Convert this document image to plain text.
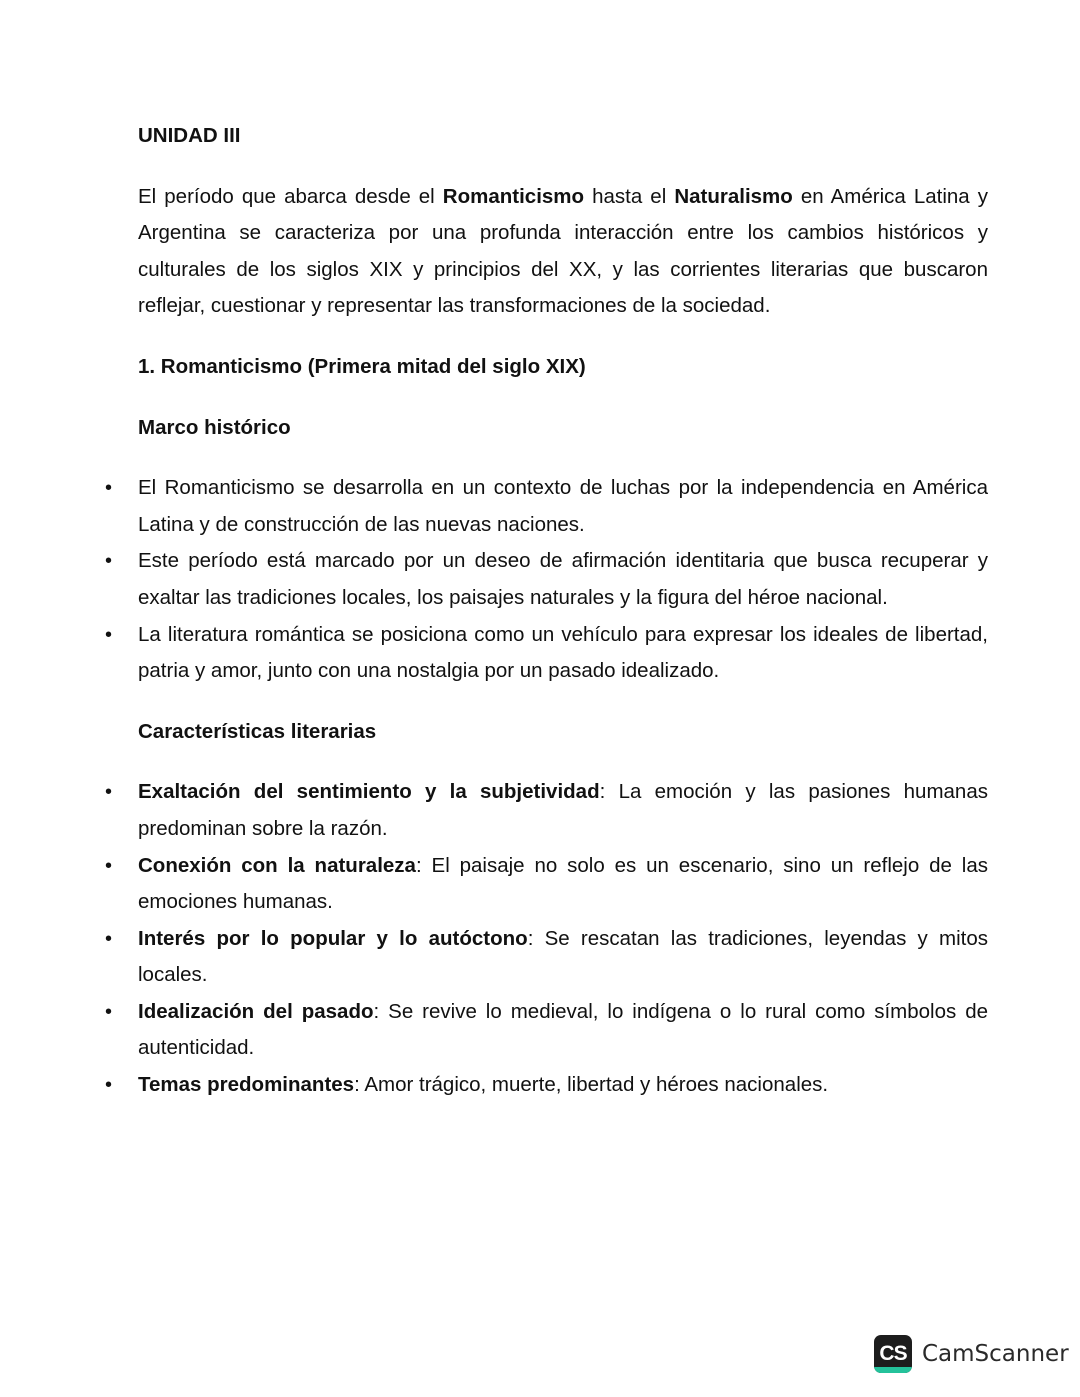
UNIDAD III

El período que abarca desde el Romanticismo hasta el Naturalismo en América Latina y Argentina se caracteriza por una profunda interacción entre los cambios históricos y culturales de los siglos XIX y principios del XX, y las corrientes literarias que buscaron reflejar, cuestionar y representar las transformaciones de la sociedad.

1. Romanticismo (Primera mitad del siglo XIX)

Marco histórico

• El Romanticismo se desarrolla en un contexto de luchas por la independencia en América Latina y de construcción de las nuevas naciones.
• Este período está marcado por un deseo de afirmación identitaria que busca recuperar y exaltar las tradiciones locales, los paisajes naturales y la figura del héroe nacional.
• La literatura romántica se posiciona como un vehículo para expresar los ideales de libertad, patria y amor, junto con una nostalgia por un pasado idealizado.

Características literarias

• Exaltación del sentimiento y la subjetividad: La emoción y las pasiones humanas predominan sobre la razón.
• Conexión con la naturaleza: El paisaje no solo es un escenario, sino un reflejo de las emociones humanas.
• Interés por lo popular y lo autóctono: Se rescatan las tradiciones, leyendas y mitos locales.
• Idealización del pasado: Se revive lo medieval, lo indígena o lo rural como símbolos de autenticidad.
• Temas predominantes: Amor trágico, muerte, libertad y héroes nacionales.
CS CamScanner
